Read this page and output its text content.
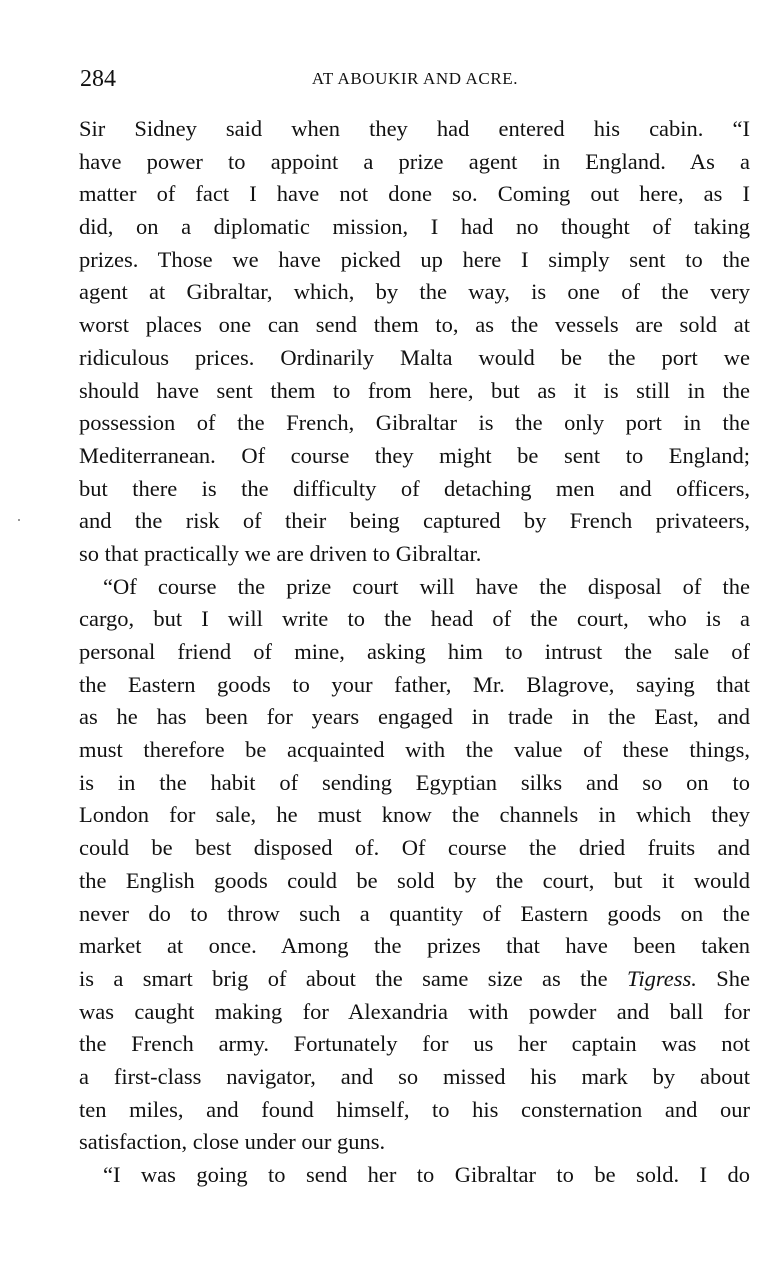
284	AT ABOUKIR AND ACRE.
Sir Sidney said when they had entered his cabin. “I
have power to appoint a prize agent in England. As a
matter of fact I have not done so. Coming out here, as I
did, on a diplomatic mission, I had no thought of taking
prizes. Those we have picked up here I simply sent to the
agent at Gibraltar, which, by the way, is one of the very
worst places one can send them to, as the vessels are sold at
ridiculous prices. Ordinarily Malta would be the port we
should have sent them to from here, but as it is still in the
possession of the French, Gibraltar is the only port in the
Mediterranean. Of course they might be sent to England;
but there is the difficulty of detaching men and officers,
and the risk of their being captured by French privateers,
so that practically we are driven to Gibraltar.
“Of course the prize court will have the disposal of the
cargo, but I will write to the head of the court, who is a
personal friend of mine, asking him to intrust the sale of
the Eastern goods to your father, Mr. Blagrove, saying that
as he has been for years engaged in trade in the East, and
must therefore be acquainted with the value of these things,
is in the habit of sending Egyptian silks and so on to
London for sale, he must know the channels in which they
could be best disposed of. Of course the dried fruits and
the English goods could be sold by the court, but it would
never do to throw such a quantity of Eastern goods on the
market at once. Among the prizes that have been taken
is a smart brig of about the same size as the Tigress. She
was caught making for Alexandria with powder and ball for
the French army. Fortunately for us her captain was not
a first-class navigator, and so missed his mark by about
ten miles, and found himself, to his consternation and our
satisfaction, close under our guns.
“I was going to send her to Gibraltar to be sold. I do
